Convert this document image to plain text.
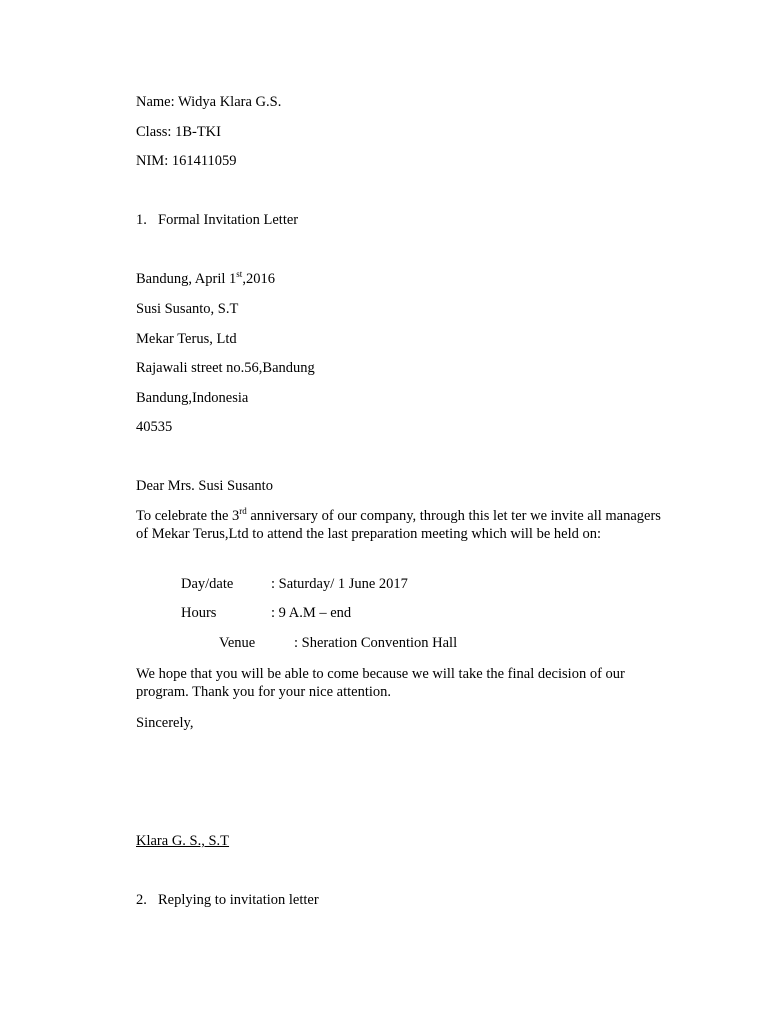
Name: Widya Klara G.S.
Class: 1B-TKI
NIM: 161411059
1. Formal Invitation Letter
Bandung, April 1st,2016
Susi Susanto, S.T
Mekar Terus, Ltd
Rajawali street no.56,Bandung
Bandung,Indonesia
40535
Dear Mrs. Susi Susanto
To celebrate the 3rd anniversary of our company, through this let ter we invite all managers of Mekar Terus,Ltd to attend the last preparation meeting which will be held on:
Day/date	: Saturday/ 1 June 2017
Hours	: 9 A.M – end
Venue	: Sheration Convention Hall
We hope that you will be able to come because we will take the final decision of our program. Thank you for your nice attention.
Sincerely,
Klara G. S., S.T
2. Replying to invitation letter
